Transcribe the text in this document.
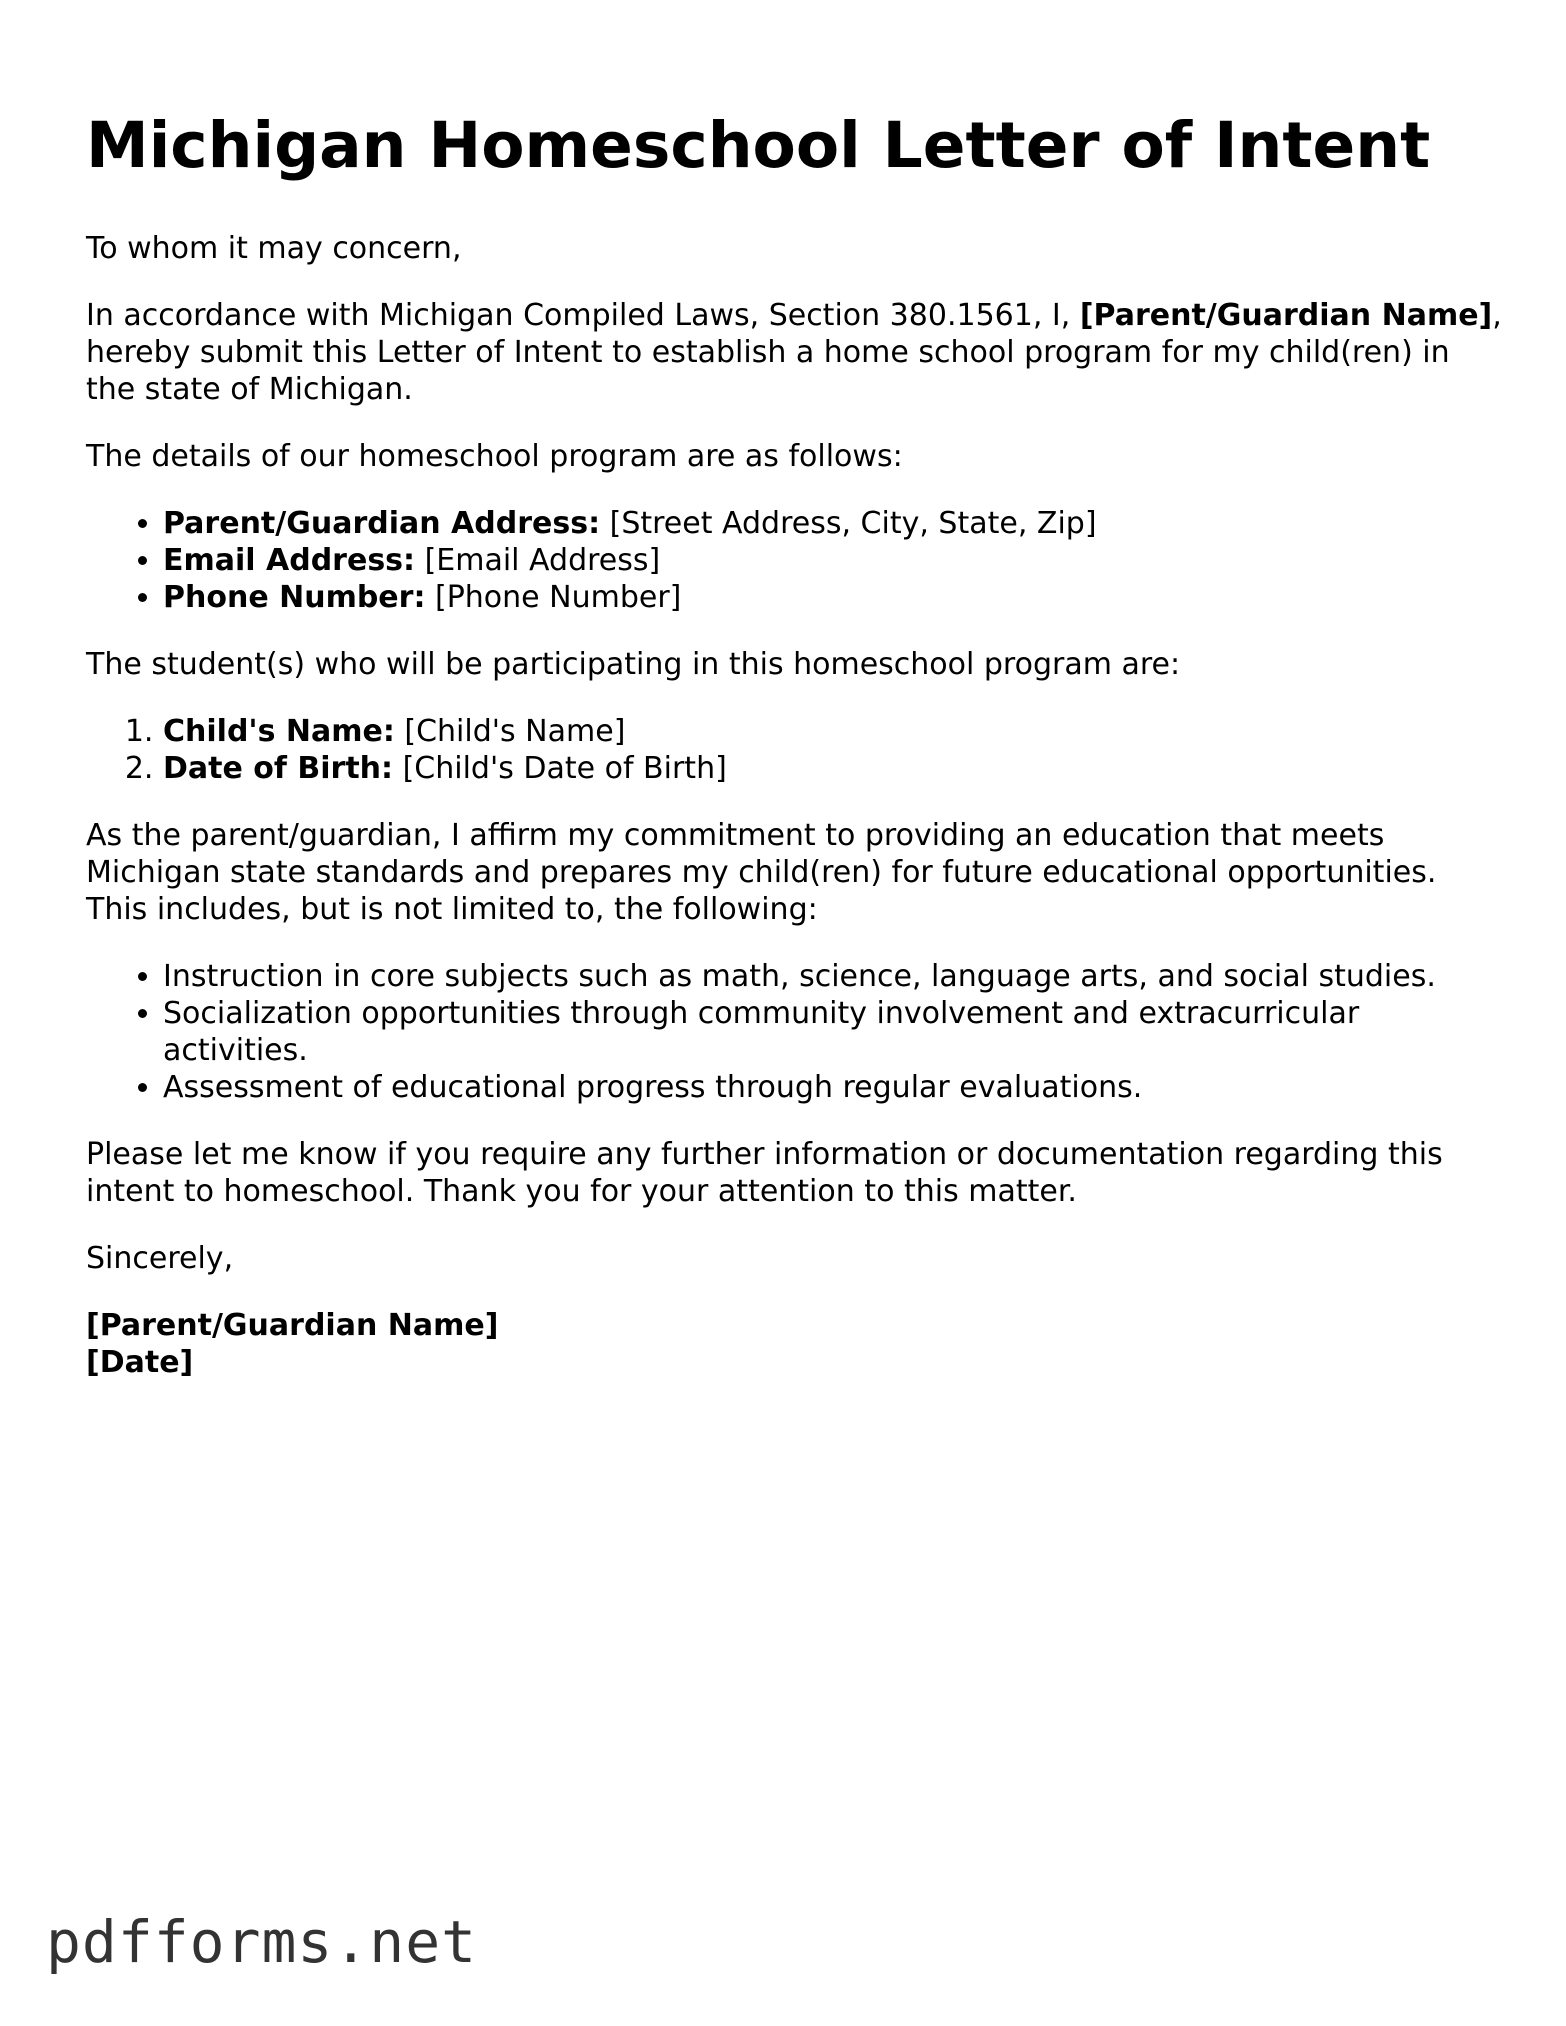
Michigan Homeschool Letter of Intent

To whom it may concern,

In accordance with Michigan Compiled Laws, Section 380.1561, I, [Parent/Guardian Name], hereby submit this Letter of Intent to establish a home school program for my child(ren) in the state of Michigan.

The details of our homeschool program are as follows:

• Parent/Guardian Address: [Street Address, City, State, Zip]
• Email Address: [Email Address]
• Phone Number: [Phone Number]

The student(s) who will be participating in this homeschool program are:

1. Child's Name: [Child's Name]
2. Date of Birth: [Child's Date of Birth]

As the parent/guardian, I affirm my commitment to providing an education that meets Michigan state standards and prepares my child(ren) for future educational opportunities. This includes, but is not limited to, the following:

• Instruction in core subjects such as math, science, language arts, and social studies.
• Socialization opportunities through community involvement and extracurricular activities.
• Assessment of educational progress through regular evaluations.

Please let me know if you require any further information or documentation regarding this intent to homeschool. Thank you for your attention to this matter.

Sincerely,

[Parent/Guardian Name]
[Date]
pdfforms.net
